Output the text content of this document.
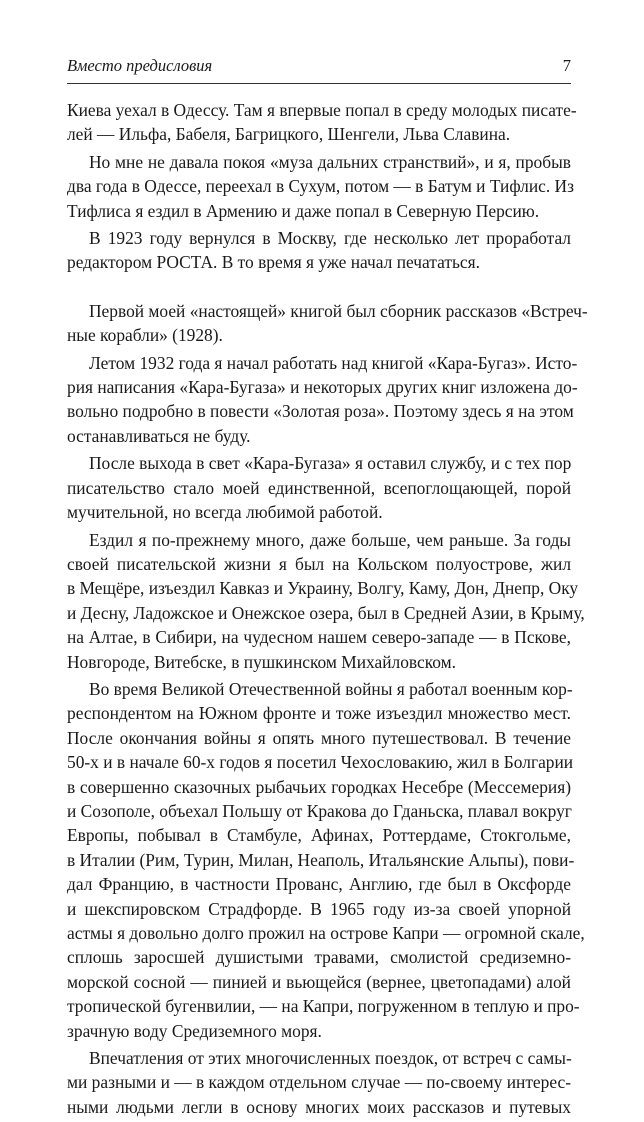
Вместо предисловия	7
Киева уехал в Одессу. Там я впервые попал в среду молодых писате-
лей — Ильфа, Бабеля, Багрицкого, Шенгели, Льва Славина.
Но мне не давала покоя «муза дальних странствий», и я, пробыв
два года в Одессе, переехал в Сухум, потом — в Батум и Тифлис. Из
Тифлиса я ездил в Армению и даже попал в Северную Персию.
В 1923 году вернулся в Москву, где несколько лет проработал
редактором РОСТА. В то время я уже начал печататься.
Первой моей «настоящей» книгой был сборник рассказов «Встреч-
ные корабли» (1928).
Летом 1932 года я начал работать над книгой «Кара-Бугаз». Исто-
рия написания «Кара-Бугаза» и некоторых других книг изложена до-
вольно подробно в повести «Золотая роза». Поэтому здесь я на этом
останавливаться не буду.
После выхода в свет «Кара-Бугаза» я оставил службу, и с тех пор
писательство стало моей единственной, всепоглощающей, порой
мучительной, но всегда любимой работой.
Ездил я по-прежнему много, даже больше, чем раньше. За годы
своей писательской жизни я был на Кольском полуострове, жил
в Мещёре, изъездил Кавказ и Украину, Волгу, Каму, Дон, Днепр, Оку
и Десну, Ладожское и Онежское озера, был в Средней Азии, в Крыму,
на Алтае, в Сибири, на чудесном нашем северо-западе — в Пскове,
Новгороде, Витебске, в пушкинском Михайловском.
Во время Великой Отечественной войны я работал военным кор-
респондентом на Южном фронте и тоже изъездил множество мест.
После окончания войны я опять много путешествовал. В течение
50-х и в начале 60-х годов я посетил Чехословакию, жил в Болгарии
в совершенно сказочных рыбачьих городках Несебре (Мессемерия)
и Созополе, объехал Польшу от Кракова до Гданьска, плавал вокруг
Европы, побывал в Стамбуле, Афинах, Роттердаме, Стокгольме,
в Италии (Рим, Турин, Милан, Неаполь, Итальянские Альпы), пови-
дал Францию, в частности Прованс, Англию, где был в Оксфорде
и шекспировском Страдфорде. В 1965 году из-за своей упорной
астмы я довольно долго прожил на острове Капри — огромной скале,
сплошь заросшей душистыми травами, смолистой средиземно-
морской сосной — пинией и вьющейся (вернее, цветопадами) алой
тропической бугенвилии, — на Капри, погруженном в теплую и про-
зрачную воду Средиземного моря.
Впечатления от этих многочисленных поездок, от встреч с самы-
ми разными и — в каждом отдельном случае — по-своему интерес-
ными людьми легли в основу многих моих рассказов и путевых
